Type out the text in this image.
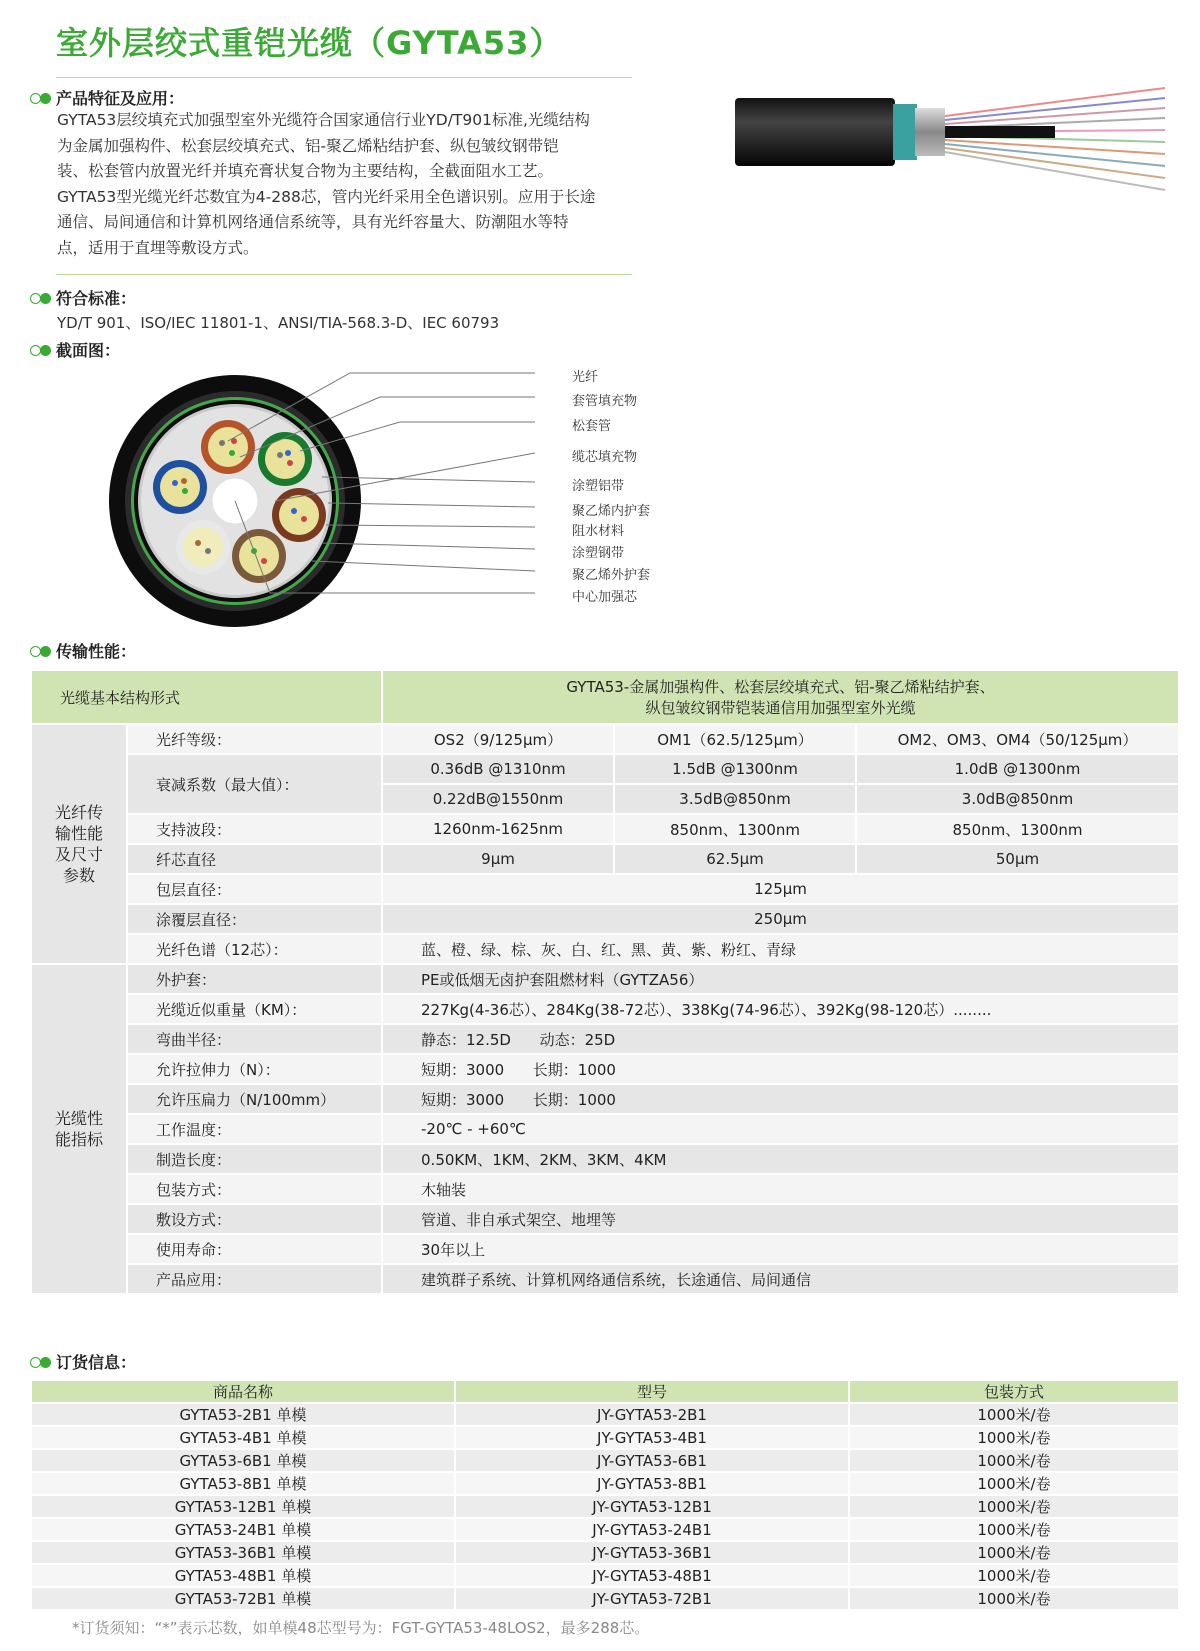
室外层绞式重铠光缆（GYTA53）
产品特征及应用：
GYTA53层绞填充式加强型室外光缆符合国家通信行业YD/T901标准,光缆结构
为金属加强构件、松套层绞填充式、铝-聚乙烯粘结护套、纵包皱纹钢带铠
装、松套管内放置光纤并填充膏状复合物为主要结构，全截面阻水工艺。
GYTA53型光缆光纤芯数宜为4-288芯，管内光纤采用全色谱识别。应用于长途
通信、局间通信和计算机网络通信系统等，具有光纤容量大、防潮阻水等特
点，适用于直埋等敷设方式。
符合标准：
YD/T 901、ISO/IEC 11801-1、ANSI/TIA-568.3-D、IEC 60793
截面图：
光纤
套管填充物
松套管
缆芯填充物
涂塑铝带
聚乙烯内护套
阻水材料
涂塑钢带
聚乙烯外护套
中心加强芯
传输性能：
光缆基本结构形式		GYTA53-金属加强构件、松套层绞填充式、铝-聚乙烯粘结护套、
纵包皱纹钢带铠装通信用加强型室外光缆		

光纤传
输性能
及尺寸
参数	光纤等级：	OS2（9/125μm）	OM1（62.5/125μm）	OM2、OM3、OM4（50/125μm）
	衰减系数（最大值）：	0.36dB @1310nm	1.5dB @1300nm	1.0dB @1300nm
		0.22dB@1550nm	3.5dB@850nm	3.0dB@850nm
	支持波段：	1260nm-1625nm	850nm、1300nm	850nm、1300nm
	纤芯直径	9μm	62.5μm	50μm
	包层直径：	125μm		
	涂覆层直径：	250μm		
	光纤色谱（12芯）：	蓝、橙、绿、棕、灰、白、红、黑、黄、紫、粉红、青绿		

光缆性
能指标	外护套：	PE或低烟无卤护套阻燃材料（GYTZA56）		
	光缆近似重量（KM）：	227Kg(4-36芯）、284Kg(38-72芯）、338Kg(74-96芯）、392Kg(98-120芯）........		
	弯曲半径：	静态：12.5D      动态：25D		
	允许拉伸力（N）：	短期：3000      长期：1000		
	允许压扁力（N/100mm）	短期：3000      长期：1000		
	工作温度：	-20℃ - +60℃		
	制造长度：	0.50KM、1KM、2KM、3KM、4KM		
	包装方式：	木轴装		
	敷设方式：	管道、非自承式架空、地埋等		
	使用寿命：	30年以上		
	产品应用：	建筑群子系统、计算机网络通信系统，长途通信、局间通信		
订货信息：
商品名称	型号	包装方式
GYTA53-2B1 单模	JY-GYTA53-2B1	1000米/卷
GYTA53-4B1 单模	JY-GYTA53-4B1	1000米/卷
GYTA53-6B1 单模	JY-GYTA53-6B1	1000米/卷
GYTA53-8B1 单模	JY-GYTA53-8B1	1000米/卷
GYTA53-12B1 单模	JY-GYTA53-12B1	1000米/卷
GYTA53-24B1 单模	JY-GYTA53-24B1	1000米/卷
GYTA53-36B1 单模	JY-GYTA53-36B1	1000米/卷
GYTA53-48B1 单模	JY-GYTA53-48B1	1000米/卷
GYTA53-72B1 单模	JY-GYTA53-72B1	1000米/卷
*订货须知：“*”表示芯数，如单模48芯型号为：FGT-GYTA53-48LOS2，最多288芯。
